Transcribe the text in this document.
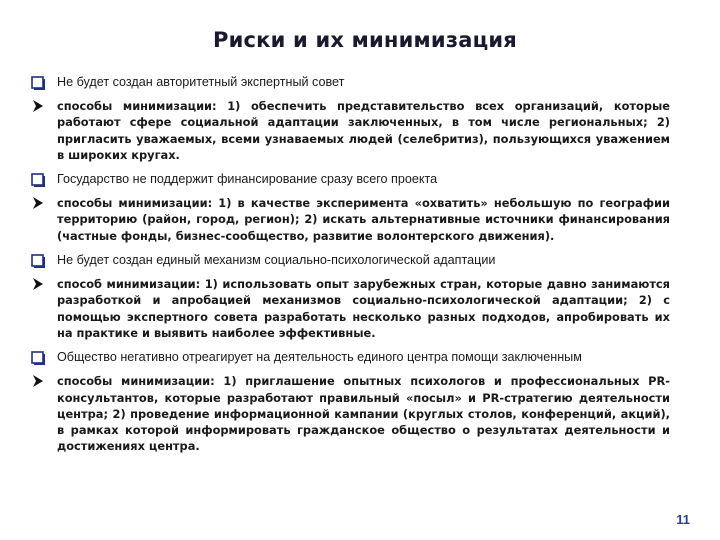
Риски и их минимизация
Не будет создан авторитетный экспертный совет
способы минимизации: 1) обеспечить представительство всех организаций, которые работают сфере социальной адаптации заключенных, в том числе региональных; 2) пригласить уважаемых, всеми узнаваемых людей (селебритиз), пользующихся уважением в широких кругах.
Государство не поддержит финансирование сразу всего проекта
способы минимизации: 1) в качестве эксперимента «охватить» небольшую по географии территорию (район, город, регион); 2) искать альтернативные источники финансирования (частные фонды, бизнес-сообщество, развитие волонтерского движения).
Не будет создан единый механизм социально-психологической адаптации
способ минимизации: 1) использовать опыт зарубежных стран, которые давно занимаются разработкой и апробацией механизмов социально-психологической адаптации; 2) с помощью экспертного совета разработать несколько разных подходов, апробировать их на практике и выявить наиболее эффективные.
Общество негативно отреагирует на деятельность единого центра помощи заключенным
способы минимизации: 1) приглашение опытных психологов и профессиональных PR-консультантов, которые разработают правильный «посыл» и PR-стратегию деятельности центра; 2) проведение информационной кампании (круглых столов, конференций, акций), в рамках которой информировать гражданское общество о результатах деятельности и достижениях центра.
11
